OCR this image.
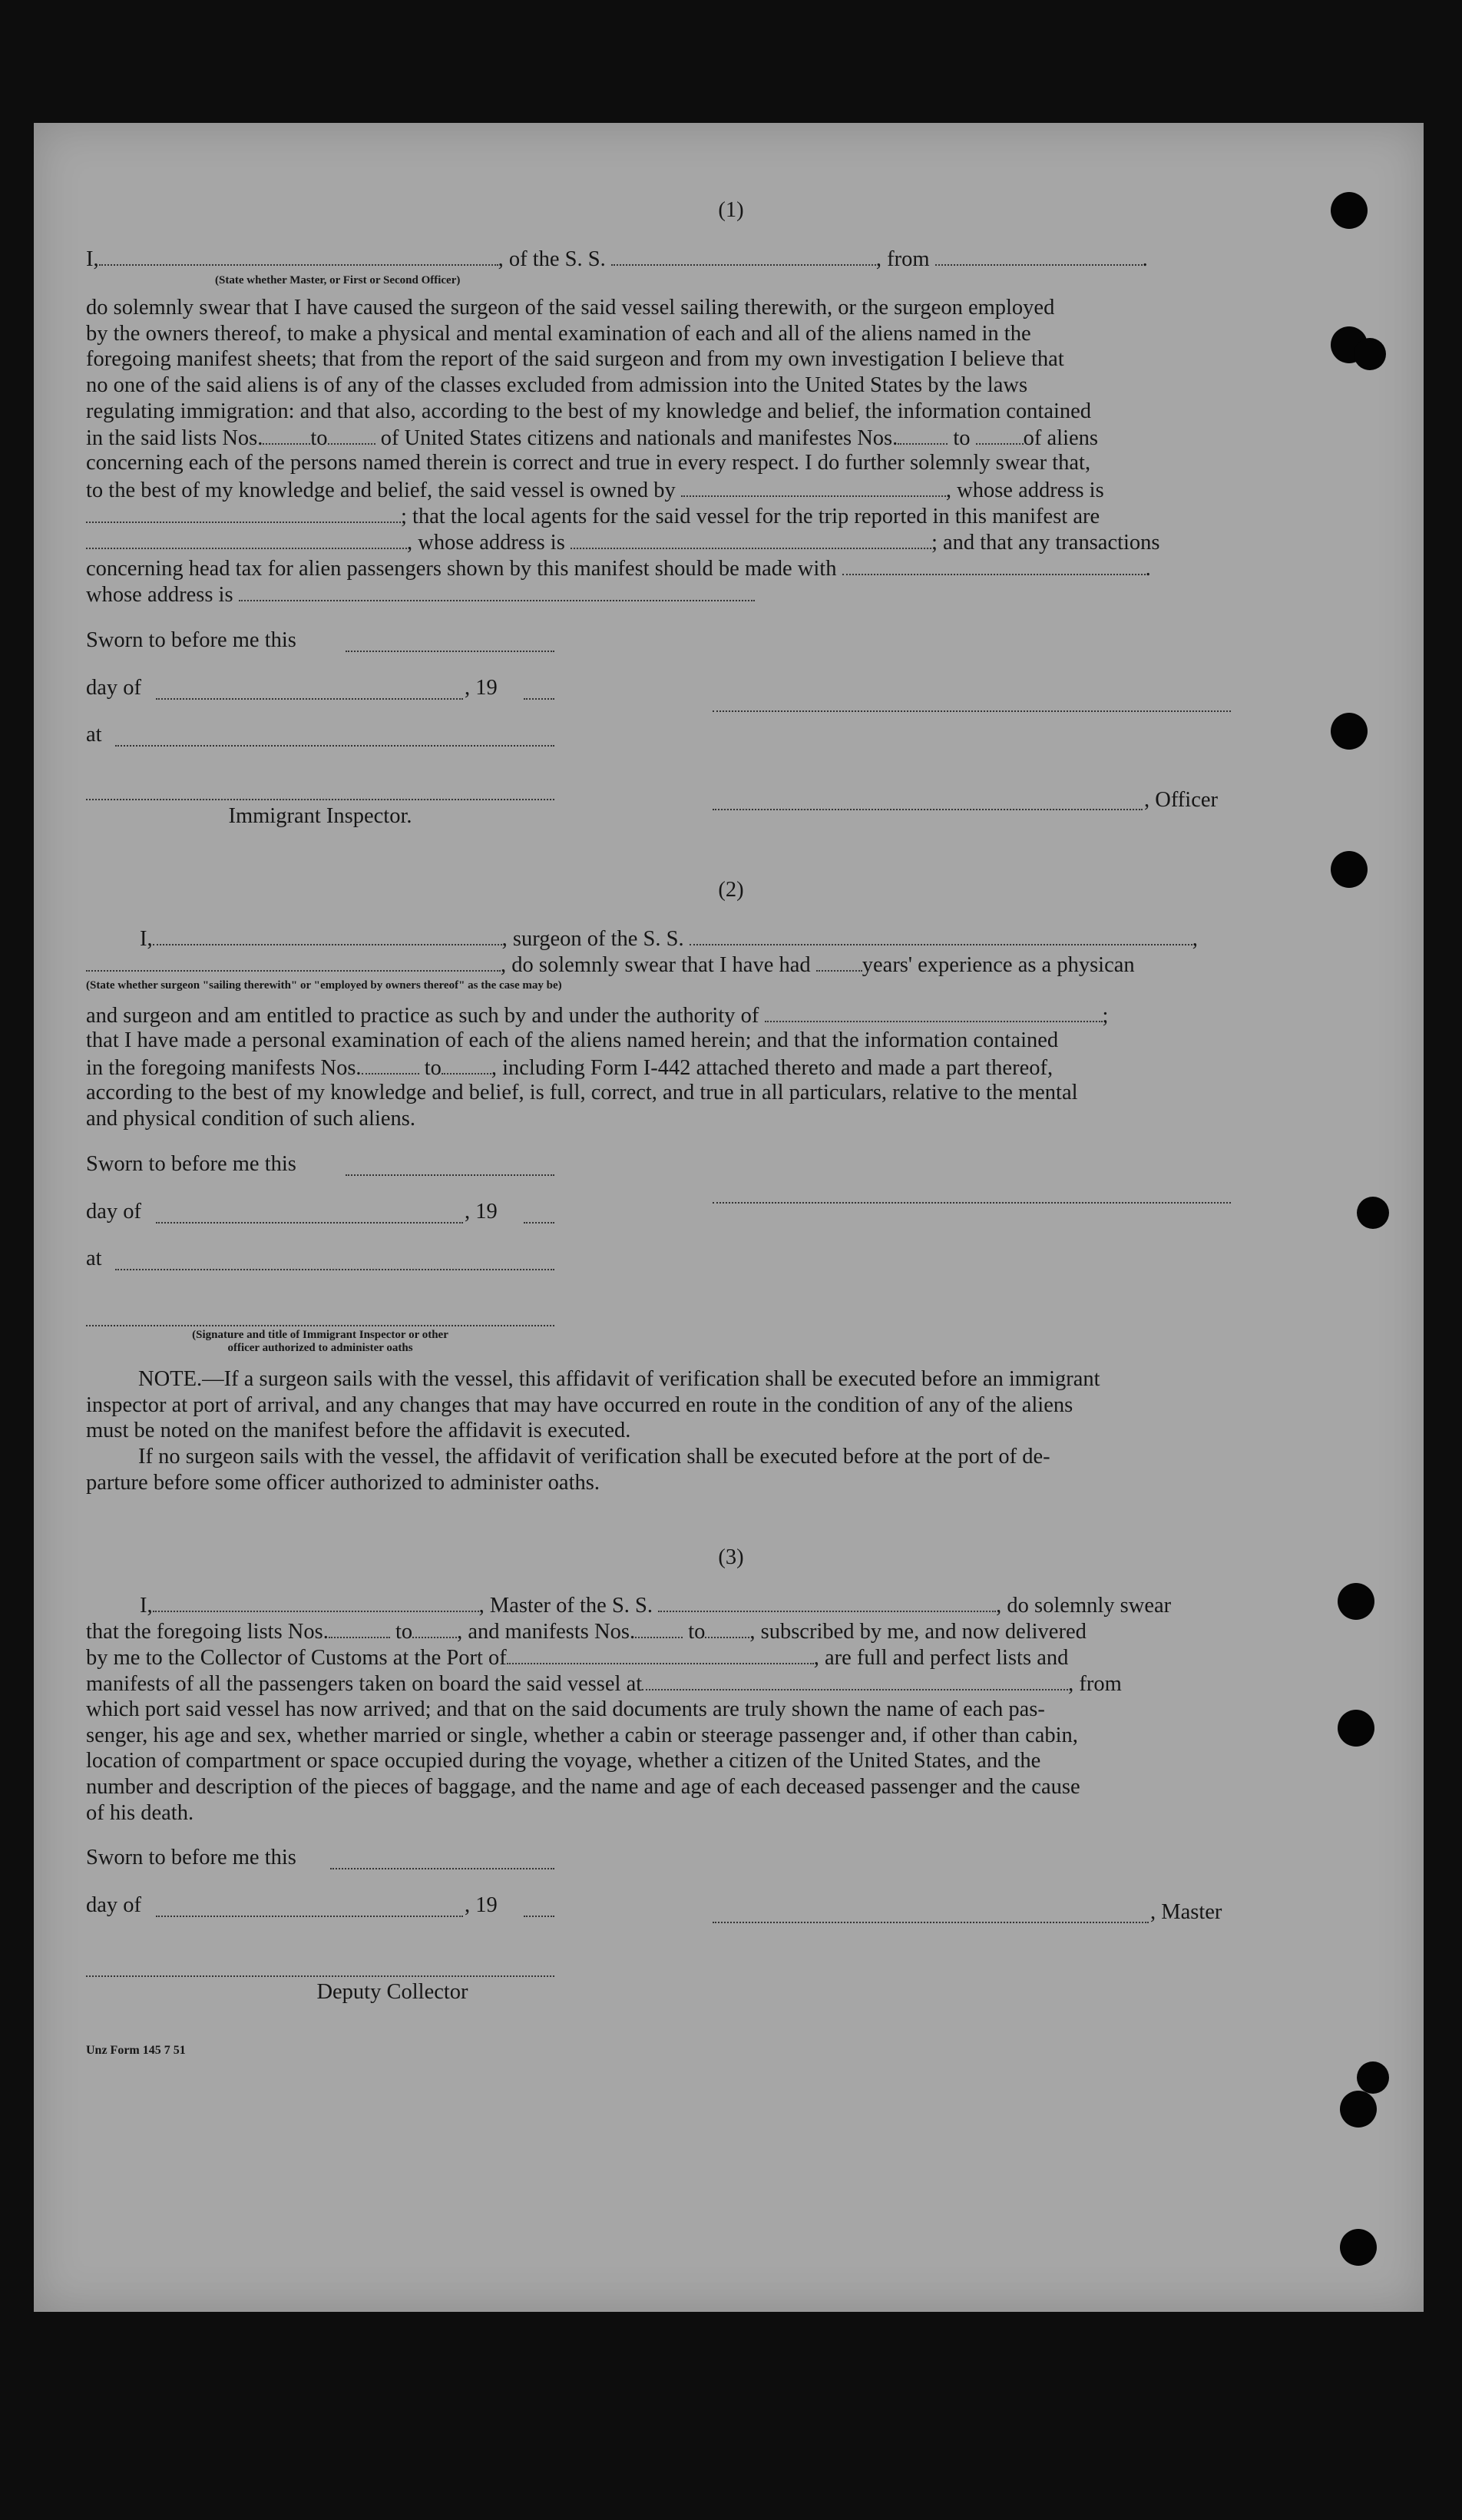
(1)
I,	, of the S. S.	, from	.
(State whether Master, or First or Second Officer)
do solemnly swear that I have caused the surgeon of the said vessel sailing therewith, or the surgeon employed
by the owners thereof, to make a physical and mental examination of each and all of the aliens named in the
foregoing manifest sheets; that from the report of the said surgeon and from my own investigation I believe that
no one of the said aliens is of any of the classes excluded from admission into the United States by the laws
regulating immigration: and that also, according to the best of my knowledge and belief, the information contained
in the said lists Nos. to of United States citizens and nationals and manifestes Nos.	to of aliens
concerning each of the persons named therein is correct and true in every respect. I do further solemnly swear that,
to the best of my knowledge and belief, the said vessel is owned by	, whose address is
; that the local agents for the said vessel for the trip reported in this manifest are
, whose address is	; and that any transactions
concerning head tax for alien passengers shown by this manifest should be made with	.
whose address is
Sworn to before me this
day of	, 19
at
Immigrant Inspector.
, Officer
(2)
I,	, surgeon of the S. S.	,
, do solemnly swear that I have had years' experience as a physican
(State whether surgeon "sailing therewith" or "employed by owners thereof" as the case may be)
and surgeon and am entitled to practice as such by and under the authority of	;
that I have made a personal examination of each of the aliens named herein; and that the information contained
in the foregoing manifests Nos.	to , including Form I-442 attached thereto and made a part thereof,
according to the best of my knowledge and belief, is full, correct, and true in all particulars, relative to the mental
and physical condition of such aliens.
Sworn to before me this
day of	, 19
at
(Signature and title of Immigrant Inspector or other
officer authorized to administer oaths
NOTE.—If a surgeon sails with the vessel, this affidavit of verification shall be executed before an immigrant
inspector at port of arrival, and any changes that may have occurred en route in the condition of any of the aliens
must be noted on the manifest before the affidavit is executed.
If no surgeon sails with the vessel, the affidavit of verification shall be executed before at the port of de-
parture before some officer authorized to administer oaths.
(3)
I,	, Master of the S. S.	, do solemnly swear
that the foregoing lists Nos.	to , and manifests Nos. to , subscribed by me, and now delivered
by me to the Collector of Customs at the Port of	, are full and perfect lists and
manifests of all the passengers taken on board the said vessel at	, from
which port said vessel has now arrived; and that on the said documents are truly shown the name of each pas-
senger, his age and sex, whether married or single, whether a cabin or steerage passenger and, if other than cabin,
location of compartment or space occupied during the voyage, whether a citizen of the United States, and the
number and description of the pieces of baggage, and the name and age of each deceased passenger and the cause
of his death.
Sworn to before me this
day of	, 19	, Master
Deputy Collector
Unz Form 145 7 51
